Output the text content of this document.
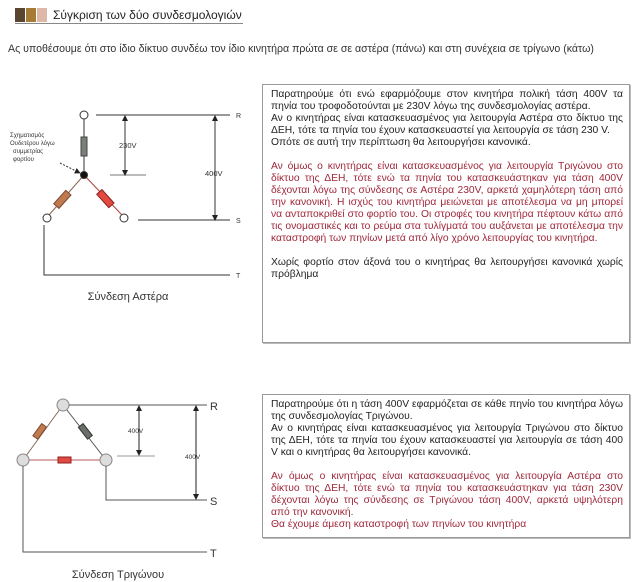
Σύγκριση των δύο συνδεσμολογιών
Ας υποθέσουμε ότι στο ίδιο δίκτυο συνδέω τον ίδιο κινητήρα πρώτα σε σε αστέρα (πάνω) και στη συνέχεια σε τρίγωνο (κάτω)
Σχηματισμός
Ουδετέρου λόγω
συμμετρίας
φορτίου
230V
400V
R
S
T
Σύνδεση Αστέρα
400V
400V
R
S
T
Σύνδεση Τριγώνου

Παρατηρούμε ότι ενώ εφαρμόζουμε στον κινητήρα πολική τάση 400V τα πηνία του τροφοδοτούνται με 230V λόγω της συνδεσμολογίας αστέρα.

Αν ο κινητήρας είναι κατασκευασμένος για λειτουργία Αστέρα στο δίκτυο της ΔΕΗ, τότε τα πηνία του έχουν κατασκευαστεί για λειτουργία σε τάση 230 V.

Οπότε σε αυτή την περίπτωση θα λειτουργήσει κανονικά.

Αν όμως ο κινητήρας είναι κατασκευασμένος για λειτουργία Τριγώνου στο δίκτυο της ΔΕΗ, τότε ενώ τα πηνία του κατασκευάστηκαν για τάση 400V δέχονται λόγω της σύνδεσης σε Αστέρα 230V, αρκετά χαμηλότερη τάση από την κανονική. Η ισχύς του κινητήρα μειώνεται με αποτέλεσμα να μη μπορεί να ανταποκριθεί στο φορτίο του. Οι στροφές του κινητήρα πέφτουν κάτω από τις ονομαστικές και το ρεύμα στα τυλίγματά του αυξάνεται με αποτέλεσμα την καταστροφή των πηνίων μετά από λίγο χρόνο λειτουργίας του κινητήρα.

Χωρίς φορτίο στον άξονά του ο κινητήρας θα λειτουργήσει κανονικά χωρίς πρόβλημα

Παρατηρούμε ότι η τάση 400V εφαρμόζεται σε κάθε πηνίο του κινητήρα λόγω της συνδεσμολογίας Τριγώνου.

Αν ο κινητήρας είναι κατασκευασμένος για λειτουργία Τριγώνου στο δίκτυο της ΔΕΗ, τότε τα πηνία του έχουν κατασκευαστεί για λειτουργία σε τάση 400 V και ο κινητήρας θα λειτουργήσει κανονικά.

Αν όμως ο κινητήρας είναι κατασκευασμένος για λειτουργία Αστέρα στο δίκτυο της ΔΕΗ, τότε ενώ τα πηνία του κατασκευάστηκαν για τάση 230V δέχονται λόγω της σύνδεσης σε Τριγώνου τάση 400V, αρκετά υψηλότερη από την κανονική.

Θα έχουμε άμεση καταστροφή των πηνίων του κινητήρα
